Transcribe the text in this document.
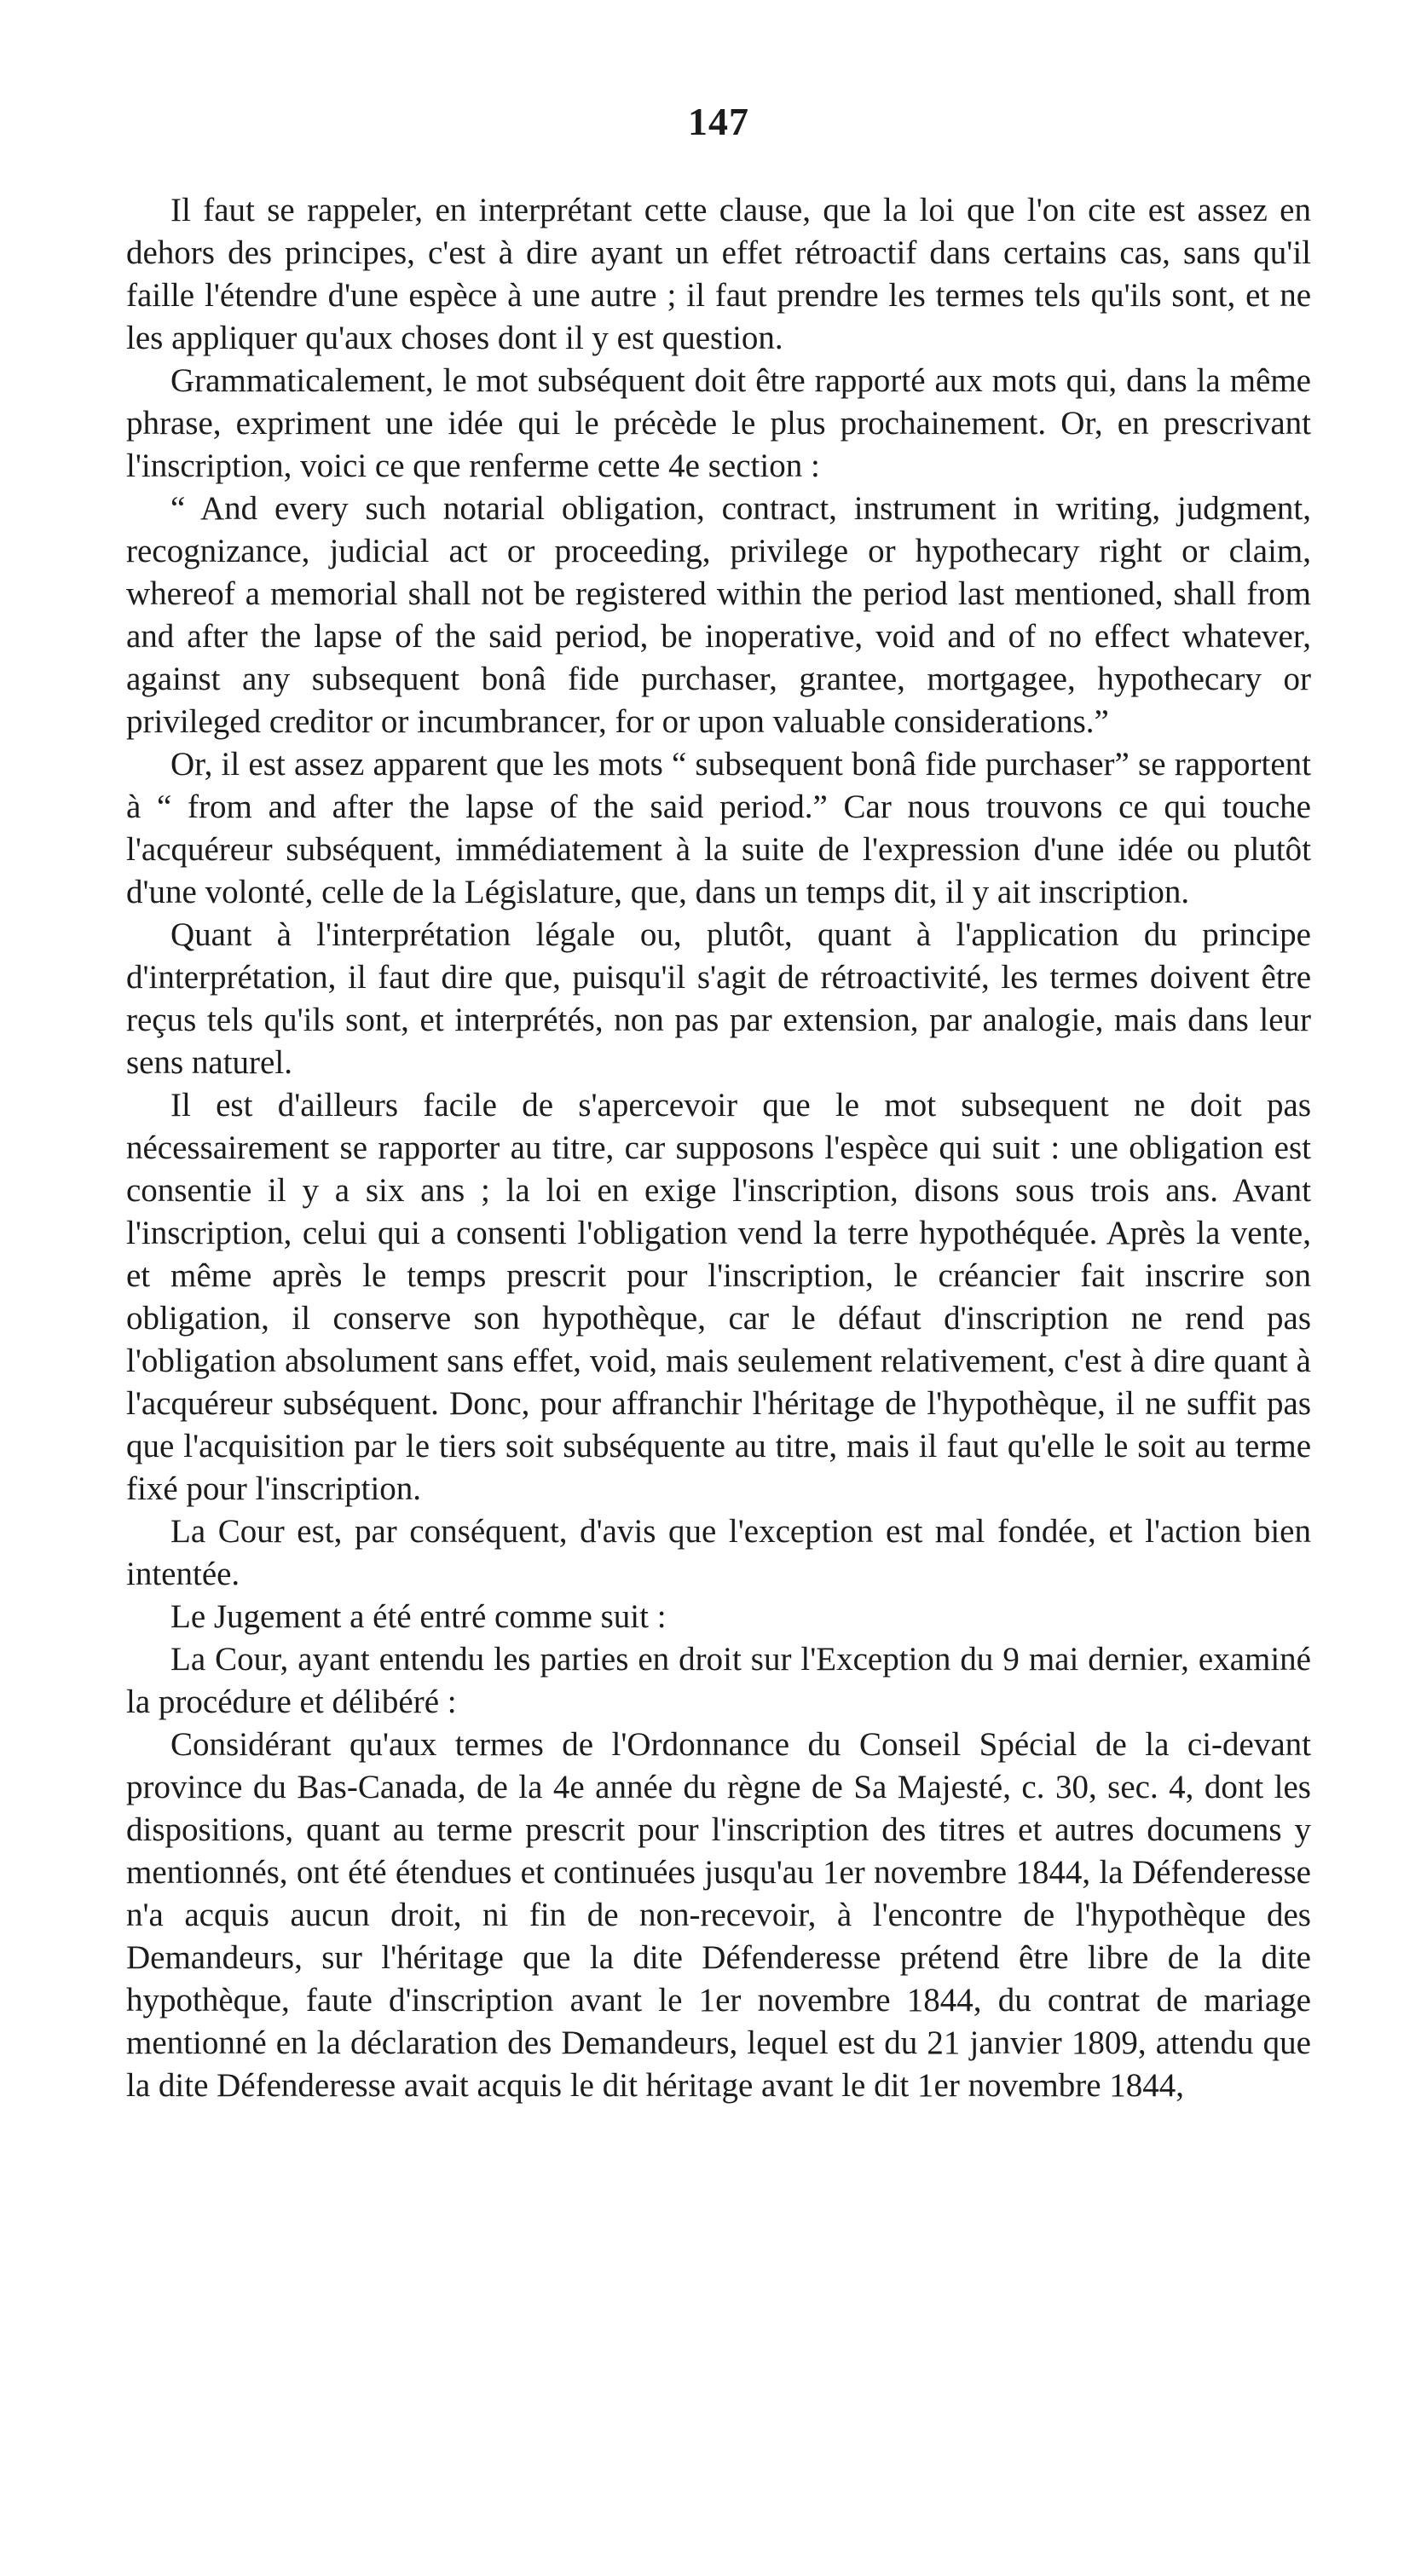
147

Il faut se rappeler, en interprétant cette clause, que la loi que l'on cite est assez en dehors des principes, c'est à dire ayant un effet rétroactif dans certains cas, sans qu'il faille l'étendre d'une espèce à une autre ; il faut prendre les termes tels qu'ils sont, et ne les appliquer qu'aux choses dont il y est question.

Grammaticalement, le mot subséquent doit être rapporté aux mots qui, dans la même phrase, expriment une idée qui le précède le plus prochainement. Or, en prescrivant l'inscription, voici ce que renferme cette 4e section :

“ And every such notarial obligation, contract, instrument in writing, judgment, recognizance, judicial act or proceeding, privilege or hypothecary right or claim, whereof a memorial shall not be registered within the period last mentioned, shall from and after the lapse of the said period, be inoperative, void and of no effect whatever, against any subsequent bonâ fide purchaser, grantee, mortgagee, hypothecary or privileged creditor or incumbrancer, for or upon valuable considerations.”

Or, il est assez apparent que les mots “ subsequent bonâ fide purchaser” se rapportent à “ from and after the lapse of the said period.” Car nous trouvons ce qui touche l'acquéreur subséquent, immédiatement à la suite de l'expression d'une idée ou plutôt d'une volonté, celle de la Législature, que, dans un temps dit, il y ait inscription.

Quant à l'interprétation légale ou, plutôt, quant à l'application du principe d'interprétation, il faut dire que, puisqu'il s'agit de rétroactivité, les termes doivent être reçus tels qu'ils sont, et interprétés, non pas par extension, par analogie, mais dans leur sens naturel.

Il est d'ailleurs facile de s'apercevoir que le mot subsequent ne doit pas nécessairement se rapporter au titre, car supposons l'espèce qui suit : une obligation est consentie il y a six ans ; la loi en exige l'inscription, disons sous trois ans. Avant l'inscription, celui qui a consenti l'obligation vend la terre hypothéquée. Après la vente, et même après le temps prescrit pour l'inscription, le créancier fait inscrire son obligation, il conserve son hypothèque, car le défaut d'inscription ne rend pas l'obligation absolument sans effet, void, mais seulement relativement, c'est à dire quant à l'acquéreur subséquent. Donc, pour affranchir l'héritage de l'hypothèque, il ne suffit pas que l'acquisition par le tiers soit subséquente au titre, mais il faut qu'elle le soit au terme fixé pour l'inscription.

La Cour est, par conséquent, d'avis que l'exception est mal fondée, et l'action bien intentée.

Le Jugement a été entré comme suit :

La Cour, ayant entendu les parties en droit sur l'Exception du 9 mai dernier, examiné la procédure et délibéré :

Considérant qu'aux termes de l'Ordonnance du Conseil Spécial de la ci-devant province du Bas-Canada, de la 4e année du règne de Sa Majesté, c. 30, sec. 4, dont les dispositions, quant au terme prescrit pour l'inscription des titres et autres documens y mentionnés, ont été étendues et continuées jusqu'au 1er novembre 1844, la Défenderesse n'a acquis aucun droit, ni fin de non-recevoir, à l'encontre de l'hypothèque des Demandeurs, sur l'héritage que la dite Défenderesse prétend être libre de la dite hypothèque, faute d'inscription avant le 1er novembre 1844, du contrat de mariage mentionné en la déclaration des Demandeurs, lequel est du 21 janvier 1809, attendu que la dite Défenderesse avait acquis le dit héritage avant le dit 1er novembre 1844,
